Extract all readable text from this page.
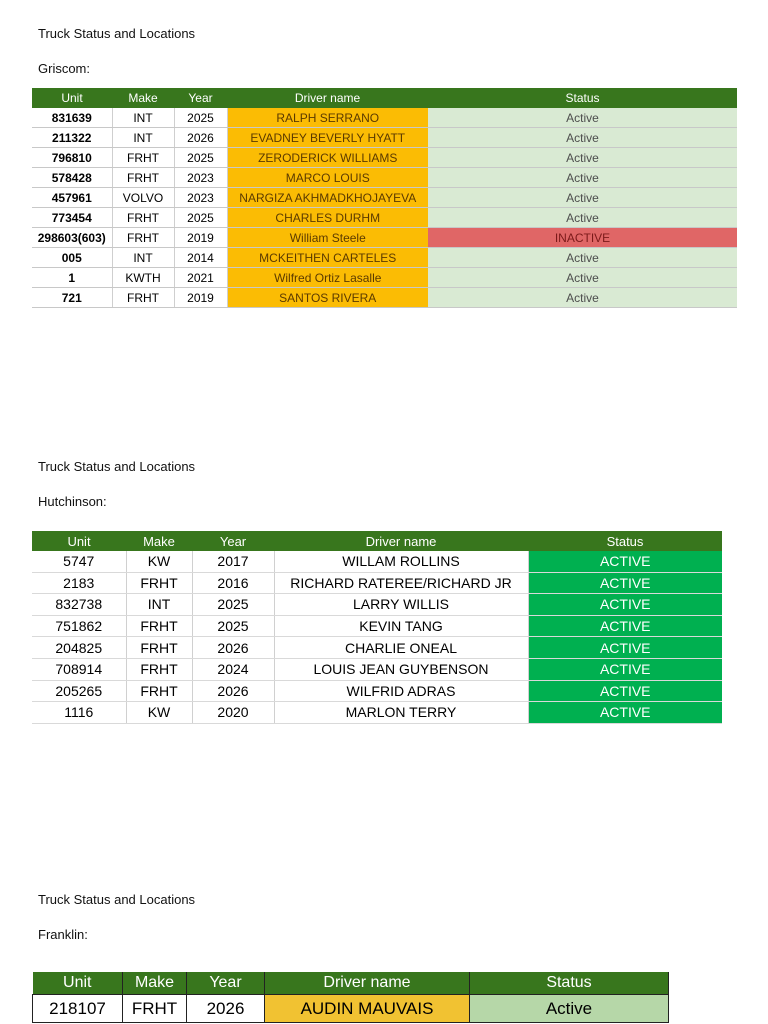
Truck Status and Locations
Griscom:
Unit	Make	Year	Driver name	Status
831639	INT	2025	RALPH SERRANO	Active
211322	INT	2026	EVADNEY BEVERLY HYATT	Active
796810	FRHT	2025	ZERODERICK WILLIAMS	Active
578428	FRHT	2023	MARCO LOUIS	Active
457961	VOLVO	2023	NARGIZA AKHMADKHOJAYEVA	Active
773454	FRHT	2025	CHARLES DURHM	Active
298603(603)	FRHT	2019	William Steele	INACTIVE
005	INT	2014	MCKEITHEN CARTELES	Active
1	KWTH	2021	Wilfred Ortiz Lasalle	Active
721	FRHT	2019	SANTOS RIVERA	Active
Truck Status and Locations
Hutchinson:
Unit	Make	Year	Driver name	Status
5747	KW	2017	WILLAM ROLLINS	ACTIVE
2183	FRHT	2016	RICHARD RATEREE/RICHARD JR	ACTIVE
832738	INT	2025	LARRY WILLIS	ACTIVE
751862	FRHT	2025	KEVIN TANG	ACTIVE
204825	FRHT	2026	CHARLIE ONEAL	ACTIVE
708914	FRHT	2024	LOUIS JEAN GUYBENSON	ACTIVE
205265	FRHT	2026	WILFRID ADRAS	ACTIVE
1116	KW	2020	MARLON TERRY	ACTIVE
Truck Status and Locations
Franklin:
Unit	Make	Year	Driver name	Status
218107	FRHT	2026	AUDIN MAUVAIS	Active
